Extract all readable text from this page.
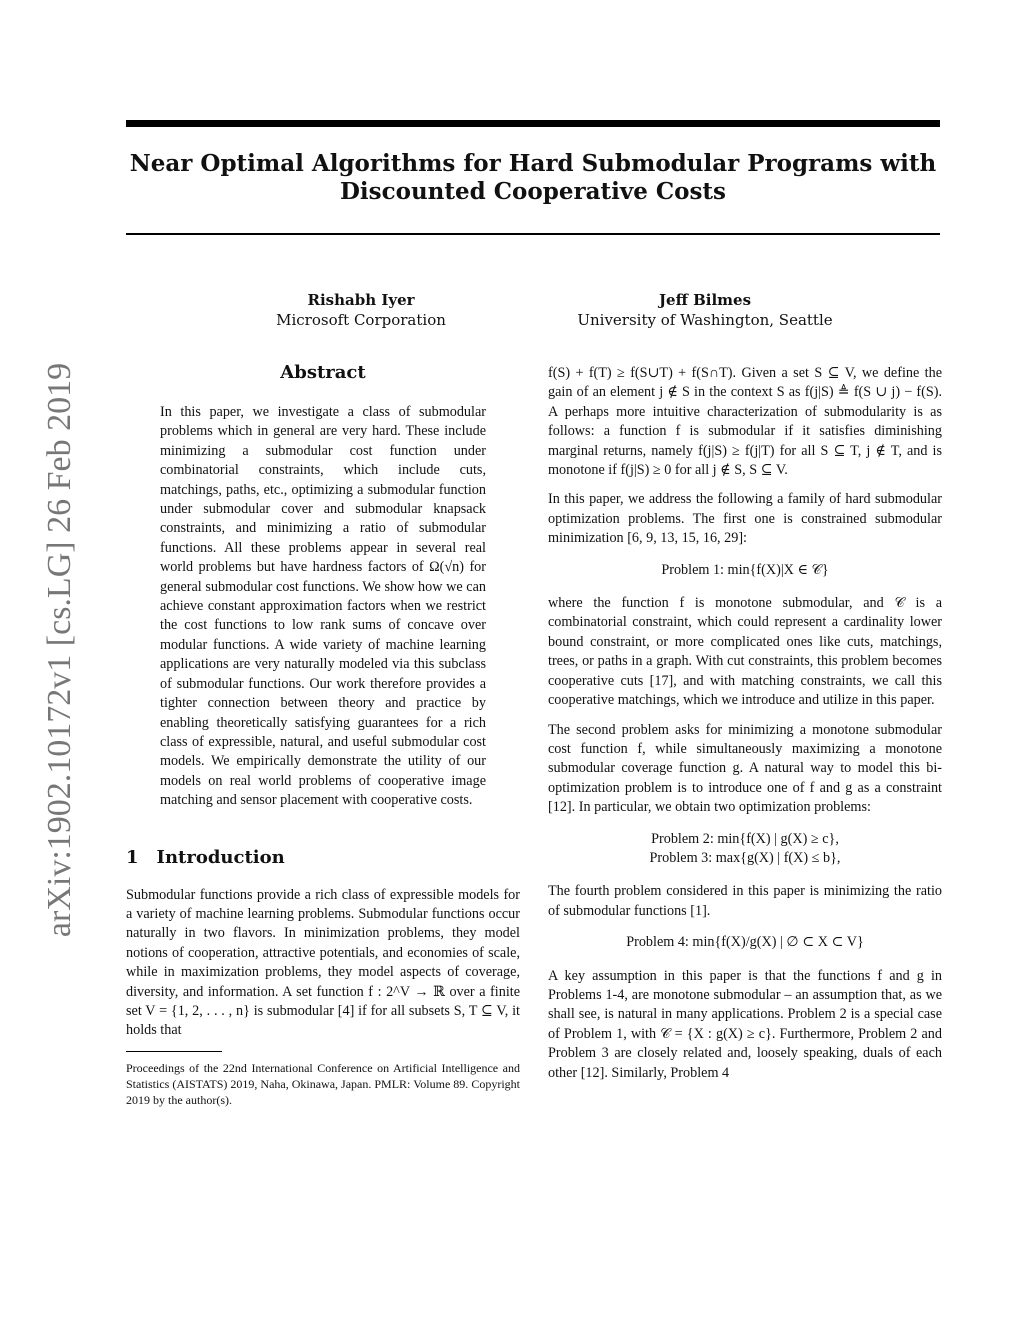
Near Optimal Algorithms for Hard Submodular Programs with
Discounted Cooperative Costs
arXiv:1902.10172v1 [cs.LG] 26 Feb 2019
Rishabh Iyer
Microsoft Corporation
Jeff Bilmes
University of Washington, Seattle
Abstract
In this paper, we investigate a class of submodular problems which in general are very hard. These include minimizing a submodular cost function under combinatorial constraints, which include cuts, matchings, paths, etc., optimizing a submodular function under submodular cover and submodular knapsack constraints, and minimizing a ratio of submodular functions. All these problems appear in several real world problems but have hardness factors of Ω(√n) for general submodular cost functions. We show how we can achieve constant approximation factors when we restrict the cost functions to low rank sums of concave over modular functions. A wide variety of machine learning applications are very naturally modeled via this subclass of submodular functions. Our work therefore provides a tighter connection between theory and practice by enabling theoretically satisfying guarantees for a rich class of expressible, natural, and useful submodular cost models. We empirically demonstrate the utility of our models on real world problems of cooperative image matching and sensor placement with cooperative costs.
1 Introduction

Submodular functions provide a rich class of expressible models for a variety of machine learning problems. Submodular functions occur naturally in two flavors. In minimization problems, they model notions of cooperation, attractive potentials, and economies of scale, while in maximization problems, they model aspects of coverage, diversity, and information. A set function f : 2^V → ℝ over a finite set V = {1, 2, . . . , n} is submodular [4] if for all subsets S, T ⊆ V, it holds that

Proceedings of the 22nd International Conference on Artificial Intelligence and Statistics (AISTATS) 2019, Naha, Okinawa, Japan. PMLR: Volume 89. Copyright 2019 by the author(s).

f(S) + f(T) ≥ f(S∪T) + f(S∩T). Given a set S ⊆ V, we define the gain of an element j ∉ S in the context S as f(j|S) ≜ f(S ∪ j) − f(S). A perhaps more intuitive characterization of submodularity is as follows: a function f is submodular if it satisfies diminishing marginal returns, namely f(j|S) ≥ f(j|T) for all S ⊆ T, j ∉ T, and is monotone if f(j|S) ≥ 0 for all j ∉ S, S ⊆ V.

In this paper, we address the following a family of hard submodular optimization problems. The first one is constrained submodular minimization [6, 9, 13, 15, 16, 29]:

Problem 1: min{f(X)|X ∈ 𝒞}

where the function f is monotone submodular, and 𝒞 is a combinatorial constraint, which could represent a cardinality lower bound constraint, or more complicated ones like cuts, matchings, trees, or paths in a graph. With cut constraints, this problem becomes cooperative cuts [17], and with matching constraints, we call this cooperative matchings, which we introduce and utilize in this paper.

The second problem asks for minimizing a monotone submodular cost function f, while simultaneously maximizing a monotone submodular coverage function g. A natural way to model this bi-optimization problem is to introduce one of f and g as a constraint [12]. In particular, we obtain two optimization problems:

Problem 2: min{f(X) | g(X) ≥ c},
Problem 3: max{g(X) | f(X) ≤ b},

The fourth problem considered in this paper is minimizing the ratio of submodular functions [1].

Problem 4: min{f(X)/g(X) | ∅ ⊂ X ⊂ V}

A key assumption in this paper is that the functions f and g in Problems 1-4, are monotone submodular – an assumption that, as we shall see, is natural in many applications. Problem 2 is a special case of Problem 1, with 𝒞 = {X : g(X) ≥ c}. Furthermore, Problem 2 and Problem 3 are closely related and, loosely speaking, duals of each other [12]. Similarly, Problem 4
